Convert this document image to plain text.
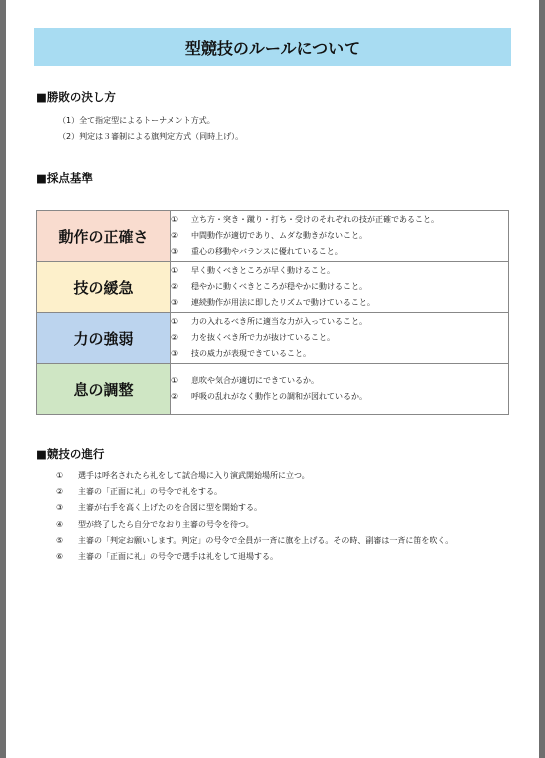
型競技のルールについて
■勝敗の決し方
（1）全て指定型によるトーナメント方式。
（2）判定は３審制による旗判定方式（同時上げ）。
■採点基準
動作の正確さ	① 立ち方・突き・蹴り・打ち・受けのそれぞれの技が正確であること。
② 中間動作が適切であり、ムダな動きがないこと。
③ 重心の移動やバランスに優れていること。

技の緩急	① 早く動くべきところが早く動けること。
② 穏やかに動くべきところが穏やかに動けること。
③ 連続動作が用法に即したリズムで動けていること。

力の強弱	① 力の入れるべき所に適当な力が入っていること。
② 力を抜くべき所で力が抜けていること。
③ 技の威力が表現できていること。

息の調整	① 息吹や気合が適切にできているか。
② 呼吸の乱れがなく動作との調和が図れているか。
■競技の進行
① 選手は呼名されたら礼をして試合場に入り演武開始場所に立つ。
② 主審の「正面に礼」の号令で礼をする。
③ 主審が右手を高く上げたのを合図に型を開始する。
④ 型が終了したら自分でなおり主審の号令を待つ。
⑤ 主審の「判定お願いします。判定」の号令で全員が一斉に旗を上げる。その時、副審は一斉に笛を吹く。
⑥ 主審の「正面に礼」の号令で選手は礼をして退場する。
